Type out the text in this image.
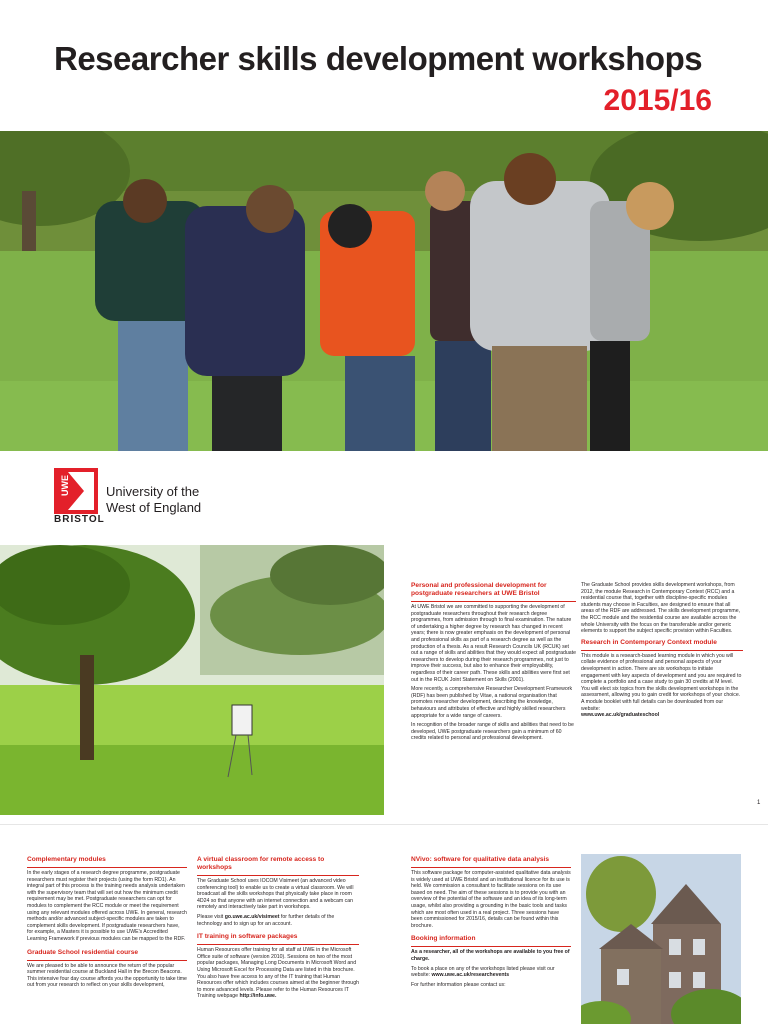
Researcher skills development workshops
2015/16
UWE	University of the
West of England
BRISTOL
Personal and professional development for postgraduate researchers at UWE Bristol

At UWE Bristol we are committed to supporting the development of postgraduate researchers throughout their research degree programmes, from admission through to final examination. The nature of undertaking a higher degree by research has changed in recent years; there is now greater emphasis on the development of personal and professional skills as part of a research degree as well as the production of a thesis. As a result Research Councils UK (RCUK) set out a range of skills and abilities that they would expect all postgraduate researchers to develop during their research programmes, not just to improve their success, but also to enhance their employability, regardless of their career path. These skills and abilities were first set out in the RCUK Joint Statement on Skills (2001).

More recently, a comprehensive Researcher Development Framework (RDF) has been published by Vitae, a national organisation that promotes researcher development, describing the knowledge, behaviours and attributes of effective and highly skilled researchers appropriate for a wide range of careers.

In recognition of the broader range of skills and abilities that need to be developed, UWE postgraduate researchers gain a minimum of 60 credits related to personal and professional development.

The Graduate School provides skills development workshops, from 2012, the module Research in Contemporary Context (RCC) and a residential course that, together with discipline-specific modules students may choose in Faculties, are designed to ensure that all areas of the RDF are addressed. The skills development programme, the RCC module and the residential course are available across the whole University with the focus on the transferable and/or generic elements to support the subject specific provision within Faculties.

Research in Contemporary Context module

This module is a research-based learning module in which you will collate evidence of professional and personal aspects of your development in action. There are six workshops to initiate engagement with key aspects of development and you are required to complete a portfolio and a case study to gain 30 credits at M level. You will elect six topics from the skills development workshops in the assessment, allowing you to gain credit for workshops of your choice. A module booklet with full details can be downloaded from our website:
www.uwe.ac.uk/graduateschool

1
Complementary modules

In the early stages of a research degree programme, postgraduate researchers must register their projects (using the form RD1). An integral part of this process is the training needs analysis undertaken with the supervisory team that will set out how the minimum credit requirement may be met. Postgraduate researchers can opt for modules to complement the RCC module or meet the requirement using any relevant modules offered across UWE. In general, research methods and/or advanced subject-specific modules are taken to complement skills development. If postgraduate researchers have, for example, a Masters it is possible to use UWE's Accredited Learning Framework if previous modules can be mapped to the RDF.

Graduate School residential course

We are pleased to be able to announce the return of the popular summer residential course at Buckland Hall in the Brecon Beacons. This intensive four day course affords you the opportunity to take time out from your research to reflect on your skills development,

A virtual classroom for remote access to workshops

The Graduate School uses IOCOM Visimeet (an advanced video conferencing tool) to enable us to create a virtual classroom. We will broadcast all the skills workshops that physically take place in room 4D24 so that anyone with an internet connection and a webcam can remotely and interactively take part in workshops.

Please visit go.uwe.ac.uk/visimeet for further details of the technology and to sign up for an account.

IT training in software packages

Human Resources offer training for all staff at UWE in the Microsoft Office suite of software (version 2010). Sessions on two of the most popular packages, Managing Long Documents in Microsoft Word and Using Microsoft Excel for Processing Data are listed in this brochure. You also have free access to any of the IT training that Human Resources offer which includes courses aimed at the beginner through to more advanced levels. Please refer to the Human Resources IT Training webpage http://info.uwe.

NVivo: software for qualitative data analysis

This software package for computer-assisted qualitative data analysis is widely used at UWE Bristol and an institutional licence for its use is held. We commission a consultant to facilitate sessions on its use based on need. The aim of these sessions is to provide you with an overview of the potential of the software and an idea of its long-term usage, whilst also providing a grounding in the basic tools and tasks which are most often used in a real project. Three sessions have been commissioned for 2015/16, details can be found within this brochure.

Booking information

As a researcher, all of the workshops are available to you free of charge.

To book a place on any of the workshops listed please visit our website: www.uwe.ac.uk/researchevents

For further information please contact us:
